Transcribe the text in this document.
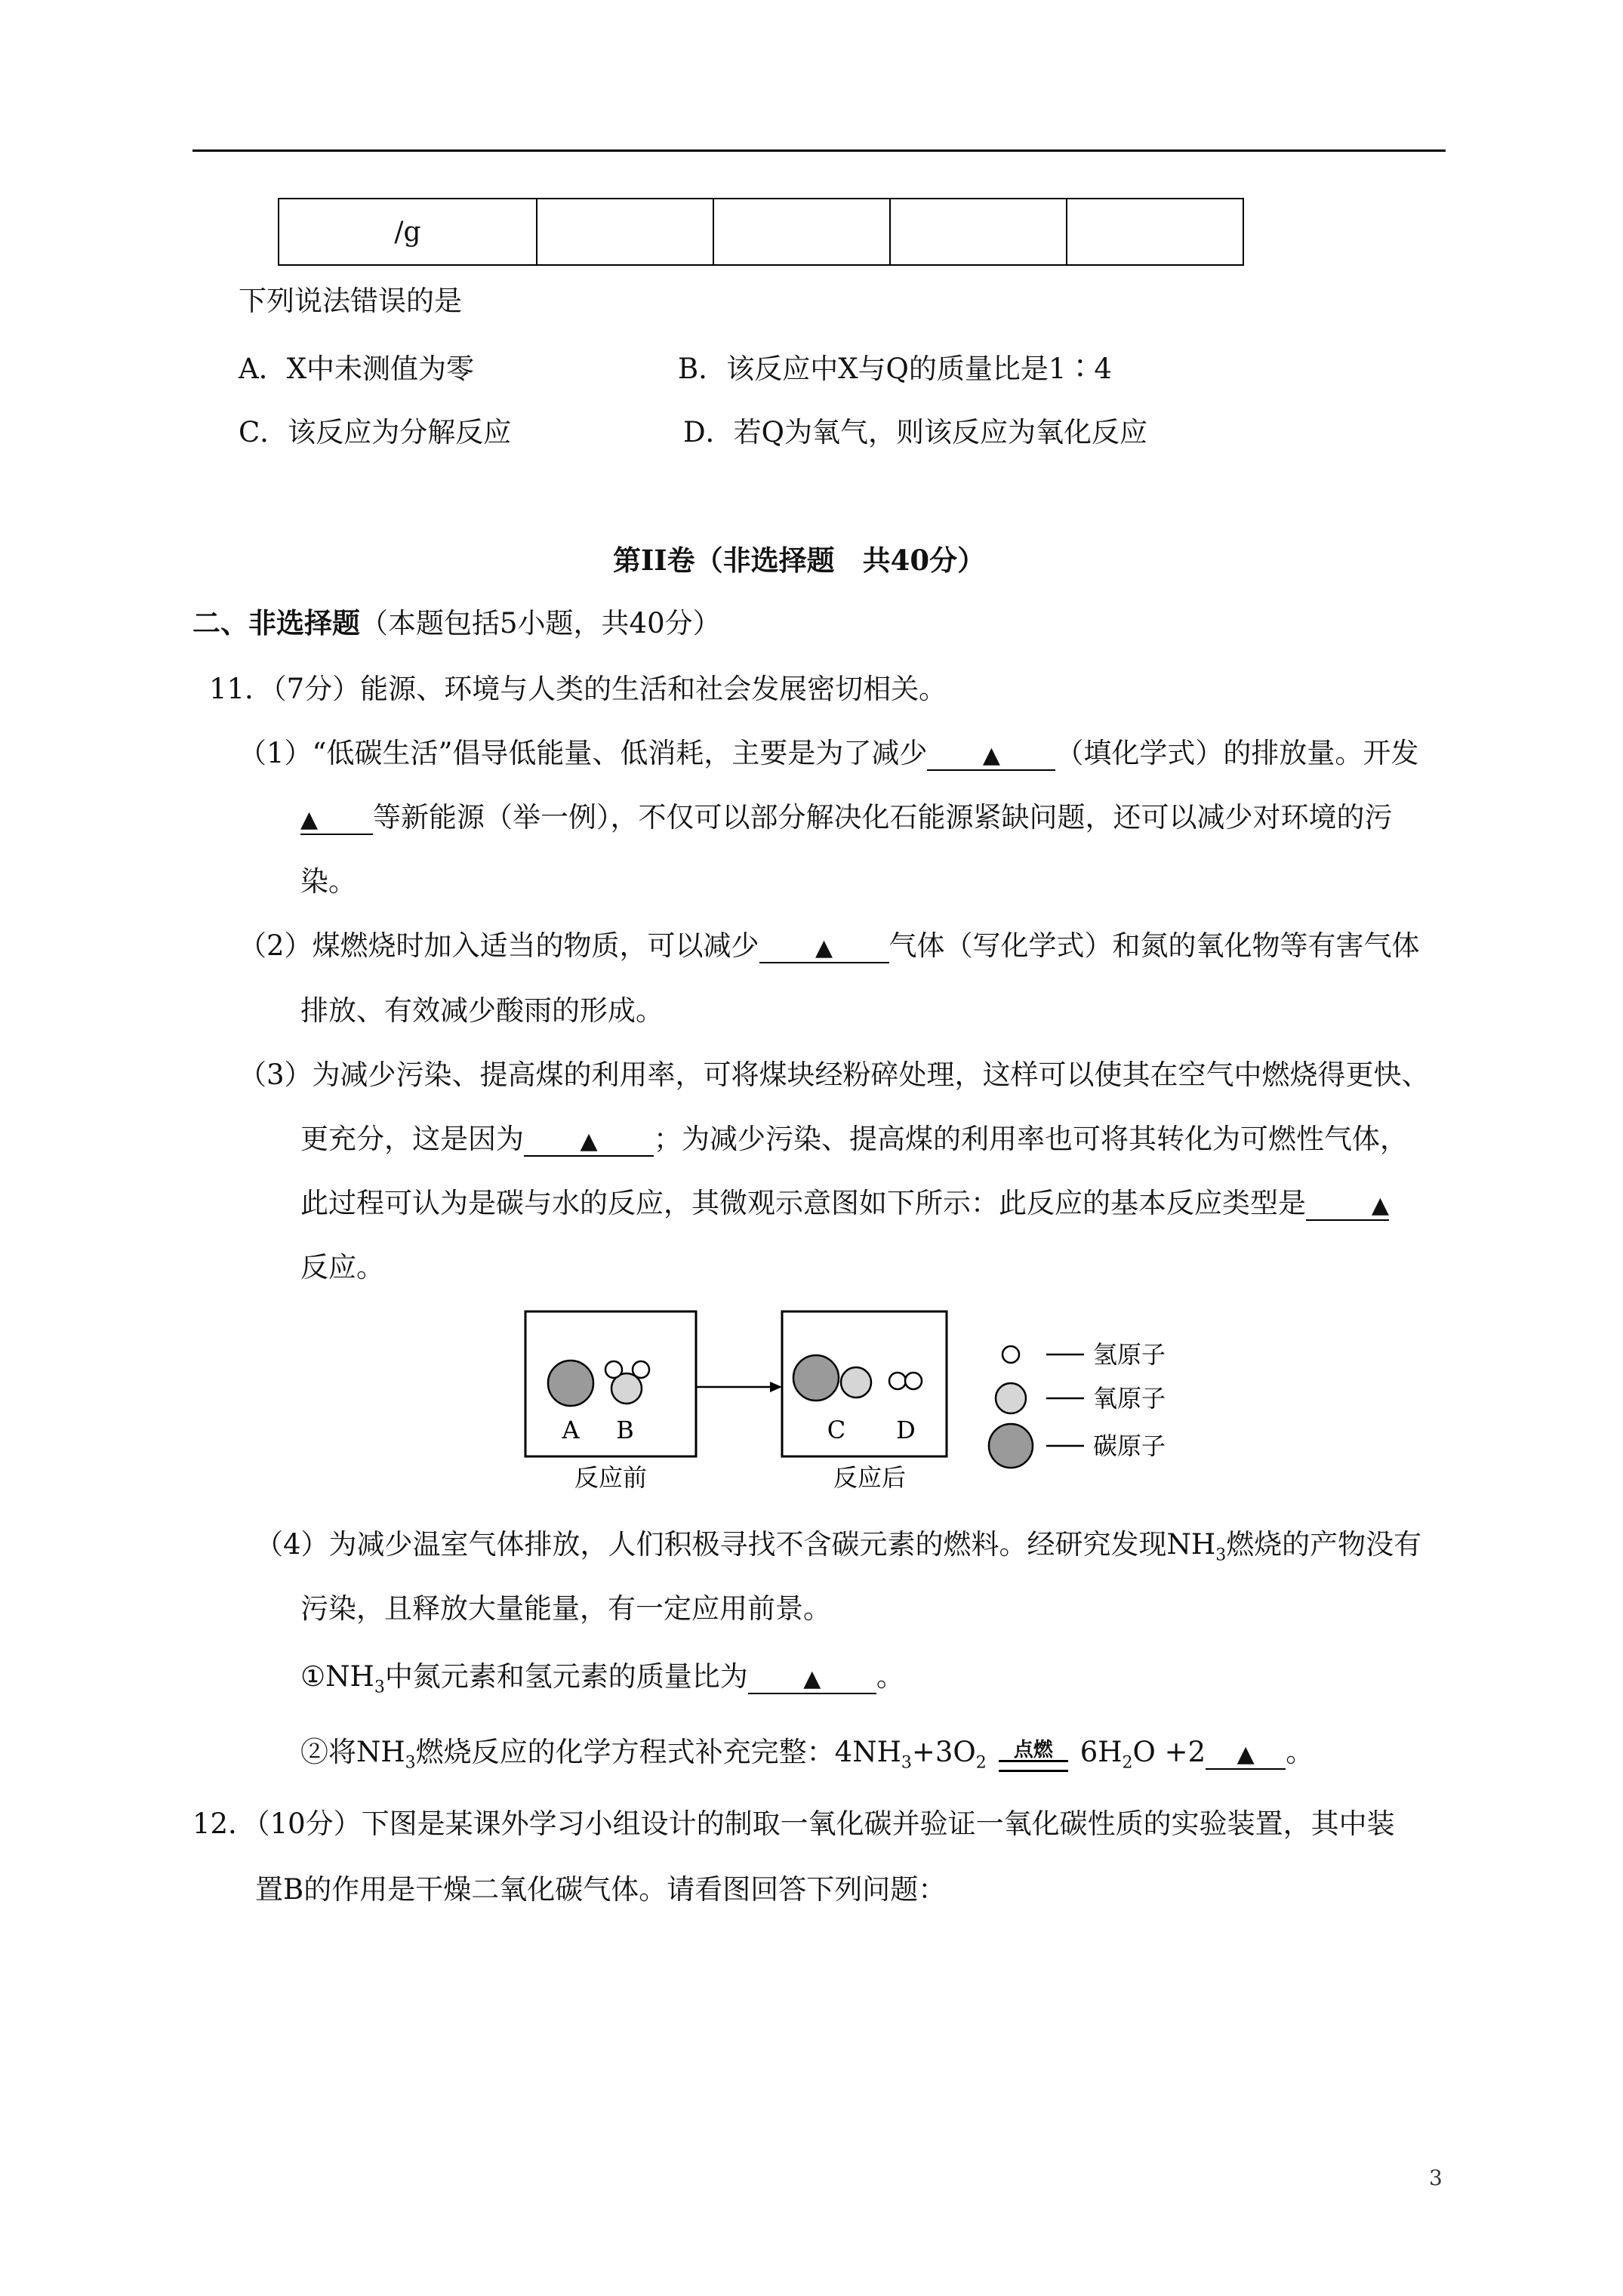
/g				
下列说法错误的是
A．X中未测值为零	B．该反应中X与Q的质量比是1∶4
C．该反应为分解反应	D．若Q为氧气，则该反应为氧化反应
第II卷（非选择题　共40分）
二、非选择题（本题包括5小题，共40分）
11．（7分）能源、环境与人类的生活和社会发展密切相关。
（1）“低碳生活”倡导低能量、低消耗，主要是为了减少 ▲ （填化学式）的排放量。开发
▲ 等新能源（举一例），不仅可以部分解决化石能源紧缺问题，还可以减少对环境的污
染。
（2）煤燃烧时加入适当的物质，可以减少 ▲ 气体（写化学式）和氮的氧化物等有害气体
排放、有效减少酸雨的形成。
（3）为减少污染、提高煤的利用率，可将煤块经粉碎处理，这样可以使其在空气中燃烧得更快、
更充分，这是因为 ▲ ；为减少污染、提高煤的利用率也可将其转化为可燃性气体，
此过程可认为是碳与水的反应，其微观示意图如下所示：此反应的基本反应类型是	▲
反应。
A B
反应前
C D
反应后
氢原子
氧原子
碳原子
（4）为减少温室气体排放，人们积极寻找不含碳元素的燃料。经研究发现$NH_3$燃烧的产物没有
污染，且释放大量能量，有一定应用前景。
$①NH_3$中氮元素和氢元素的质量比为 ▲ 。
②将$NH_3$燃烧反应的化学方程式补充完整：$4NH_3+3O_2$
点燃 $6H_2O +2$ ▲ 。
12．（10分）下图是某课外学习小组设计的制取一氧化碳并验证一氧化碳性质的实验装置，其中装
置B的作用是干燥二氧化碳气体。请看图回答下列问题：
3
